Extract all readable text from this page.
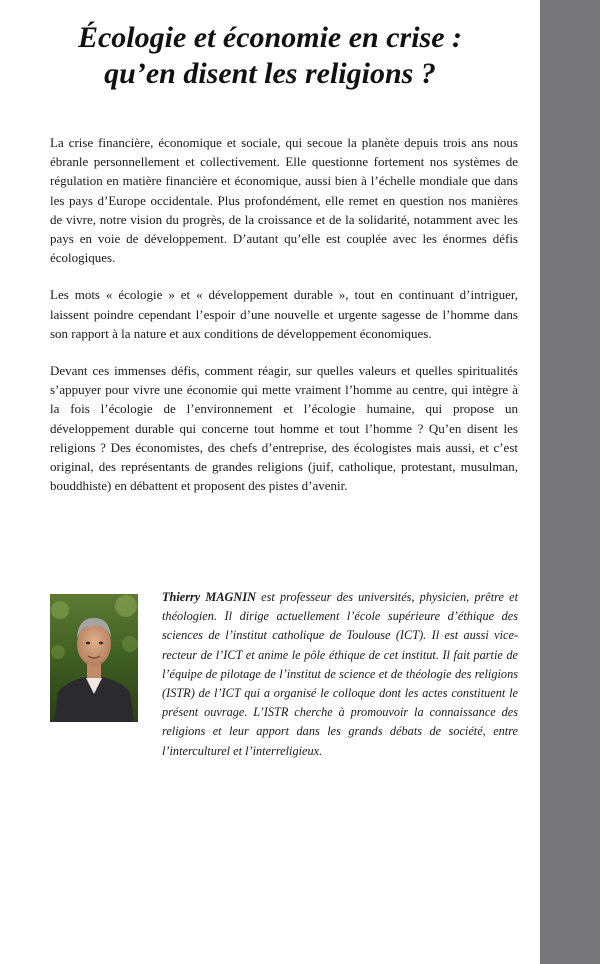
Écologie et économie en crise :
qu’en disent les religions ?

La crise financière, économique et sociale, qui secoue la planète depuis trois ans nous ébranle personnellement et collectivement. Elle questionne fortement nos systèmes de régulation en matière financière et économique, aussi bien à l’échelle mondiale que dans les pays d’Europe occidentale. Plus profondément, elle remet en question nos manières de vivre, notre vision du progrès, de la croissance et de la solidarité, notamment avec les pays en voie de développement. D’autant qu’elle est couplée avec les énormes défis écologiques.

Les mots « écologie » et « développement durable », tout en continuant d’intriguer, laissent poindre cependant l’espoir d’une nouvelle et urgente sagesse de l’homme dans son rapport à la nature et aux conditions de développement économiques.

Devant ces immenses défis, comment réagir, sur quelles valeurs et quelles spiritualités s’appuyer pour vivre une économie qui mette vraiment l’homme au centre, qui intègre à la fois l’écologie de l’environnement et l’écologie humaine, qui propose un développement durable qui concerne tout homme et tout l’homme ? Qu’en disent les religions ? Des économistes, des chefs d’entreprise, des écologistes mais aussi, et c’est original, des représentants de grandes religions (juif, catholique, protestant, musulman, bouddhiste) en débattent et proposent des pistes d’avenir.

Thierry MAGNIN est professeur des universités, physicien, prêtre et théologien. Il dirige actuellement l’école supérieure d’éthique des sciences de l’institut catholique de Toulouse (ICT). Il est aussi vice-recteur de l’ICT et anime le pôle éthique de cet institut. Il fait partie de l’équipe de pilotage de l’institut de science et de théologie des religions (ISTR) de l’ICT qui a organisé le colloque dont les actes constituent le présent ouvrage. L’ISTR cherche à promouvoir la connaissance des religions et leur apport dans les grands débats de société, entre l’interculturel et l’interreligieux.
